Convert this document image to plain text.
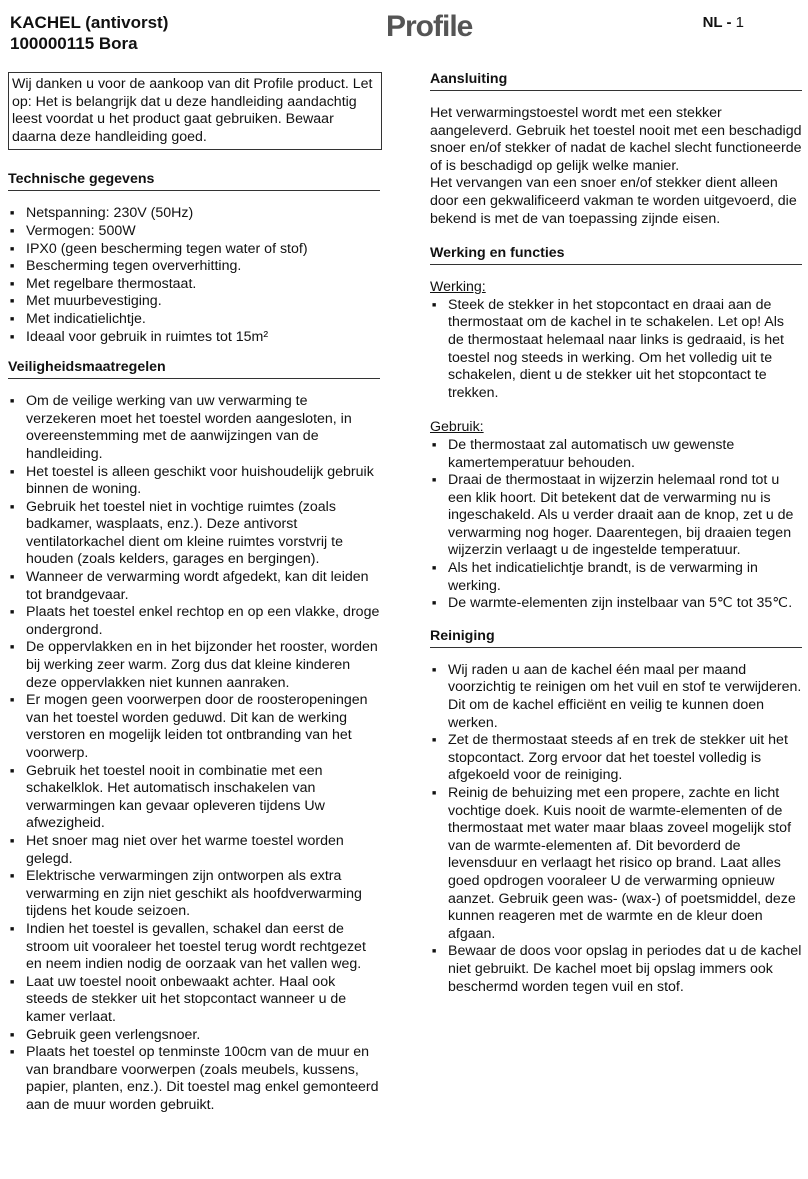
KACHEL (antivorst)
100000115 Bora
Profile	NL - 1
Wij danken u voor de aankoop van dit Profile product. Let op: Het is belangrijk dat u deze handleiding aandachtig leest voordat u het product gaat gebruiken. Bewaar daarna deze handleiding goed.
Technische gegevens
■ Netspanning: 230V (50Hz)
■ Vermogen: 500W
■ IPX0 (geen bescherming tegen water of stof)
■ Bescherming tegen oververhitting.
■ Met regelbare thermostaat.
■ Met muurbevestiging.
■ Met indicatielichtje.
■ Ideaal voor gebruik in ruimtes tot 15m²
Veiligheidsmaatregelen
■ Om de veilige werking van uw verwarming te verzekeren moet het toestel worden aangesloten, in overeenstemming met de aanwijzingen van de handleiding.
■ Het toestel is alleen geschikt voor huishoudelijk gebruik binnen de woning.
■ Gebruik het toestel niet in vochtige ruimtes (zoals badkamer, wasplaats, enz.). Deze antivorst ventilatorkachel dient om kleine ruimtes vorstvrij te houden (zoals kelders, garages en bergingen).
■ Wanneer de verwarming wordt afgedekt, kan dit leiden tot brandgevaar.
■ Plaats het toestel enkel rechtop en op een vlakke, droge ondergrond.
■ De oppervlakken en in het bijzonder het rooster, worden bij werking zeer warm. Zorg dus dat kleine kinderen deze oppervlakken niet kunnen aanraken.
■ Er mogen geen voorwerpen door de roosteropeningen van het toestel worden geduwd. Dit kan de werking verstoren en mogelijk leiden tot ontbranding van het voorwerp.
■ Gebruik het toestel nooit in combinatie met een schakelklok. Het automatisch inschakelen van verwarmingen kan gevaar opleveren tijdens Uw afwezigheid.
■ Het snoer mag niet over het warme toestel worden gelegd.
■ Elektrische verwarmingen zijn ontworpen als extra verwarming en zijn niet geschikt als hoofdverwarming tijdens het koude seizoen.
■ Indien het toestel is gevallen, schakel dan eerst de stroom uit vooraleer het toestel terug wordt rechtgezet en neem indien nodig de oorzaak van het vallen weg.
■ Laat uw toestel nooit onbewaakt achter. Haal ook steeds de stekker uit het stopcontact wanneer u de kamer verlaat.
■ Gebruik geen verlengsnoer.
■ Plaats het toestel op tenminste 100cm van de muur en van brandbare voorwerpen (zoals meubels, kussens, papier, planten, enz.). Dit toestel mag enkel gemonteerd aan de muur worden gebruikt.
Aansluiting
Het verwarmingstoestel wordt met een stekker aangeleverd. Gebruik het toestel nooit met een beschadigd snoer en/of stekker of nadat de kachel slecht functioneerde of is beschadigd op gelijk welke manier.
Het vervangen van een snoer en/of stekker dient alleen door een gekwalificeerd vakman te worden uitgevoerd, die bekend is met de van toepassing zijnde eisen.
Werking en functies
Werking:
■ Steek de stekker in het stopcontact en draai aan de thermostaat om de kachel in te schakelen. Let op! Als de thermostaat helemaal naar links is gedraaid, is het toestel nog steeds in werking. Om het volledig uit te schakelen, dient u de stekker uit het stopcontact te trekken.
Gebruik:
■ De thermostaat zal automatisch uw gewenste kamertemperatuur behouden.
■ Draai de thermostaat in wijzerzin helemaal rond tot u een klik hoort. Dit betekent dat de verwarming nu is ingeschakeld. Als u verder draait aan de knop, zet u de verwarming nog hoger. Daarentegen, bij draaien tegen wijzerzin verlaagt u de ingestelde temperatuur.
■ Als het indicatielichtje brandt, is de verwarming in werking.
■ De warmte-elementen zijn instelbaar van 5℃ tot 35℃.
Reiniging
■ Wij raden u aan de kachel één maal per maand voorzichtig te reinigen om het vuil en stof te verwijderen. Dit om de kachel efficiënt en veilig te kunnen doen werken.
■ Zet de thermostaat steeds af en trek de stekker uit het stopcontact. Zorg ervoor dat het toestel volledig is afgekoeld voor de reiniging.
■ Reinig de behuizing met een propere, zachte en licht vochtige doek. Kuis nooit de warmte-elementen of de thermostaat met water maar blaas zoveel mogelijk stof van de warmte-elementen af. Dit bevorderd de levensduur en verlaagt het risico op brand. Laat alles goed opdrogen vooraleer U de verwarming opnieuw aanzet. Gebruik geen was- (wax-) of poetsmiddel, deze kunnen reageren met de warmte en de kleur doen afgaan.
■ Bewaar de doos voor opslag in periodes dat u de kachel niet gebruikt. De kachel moet bij opslag immers ook beschermd worden tegen vuil en stof.
